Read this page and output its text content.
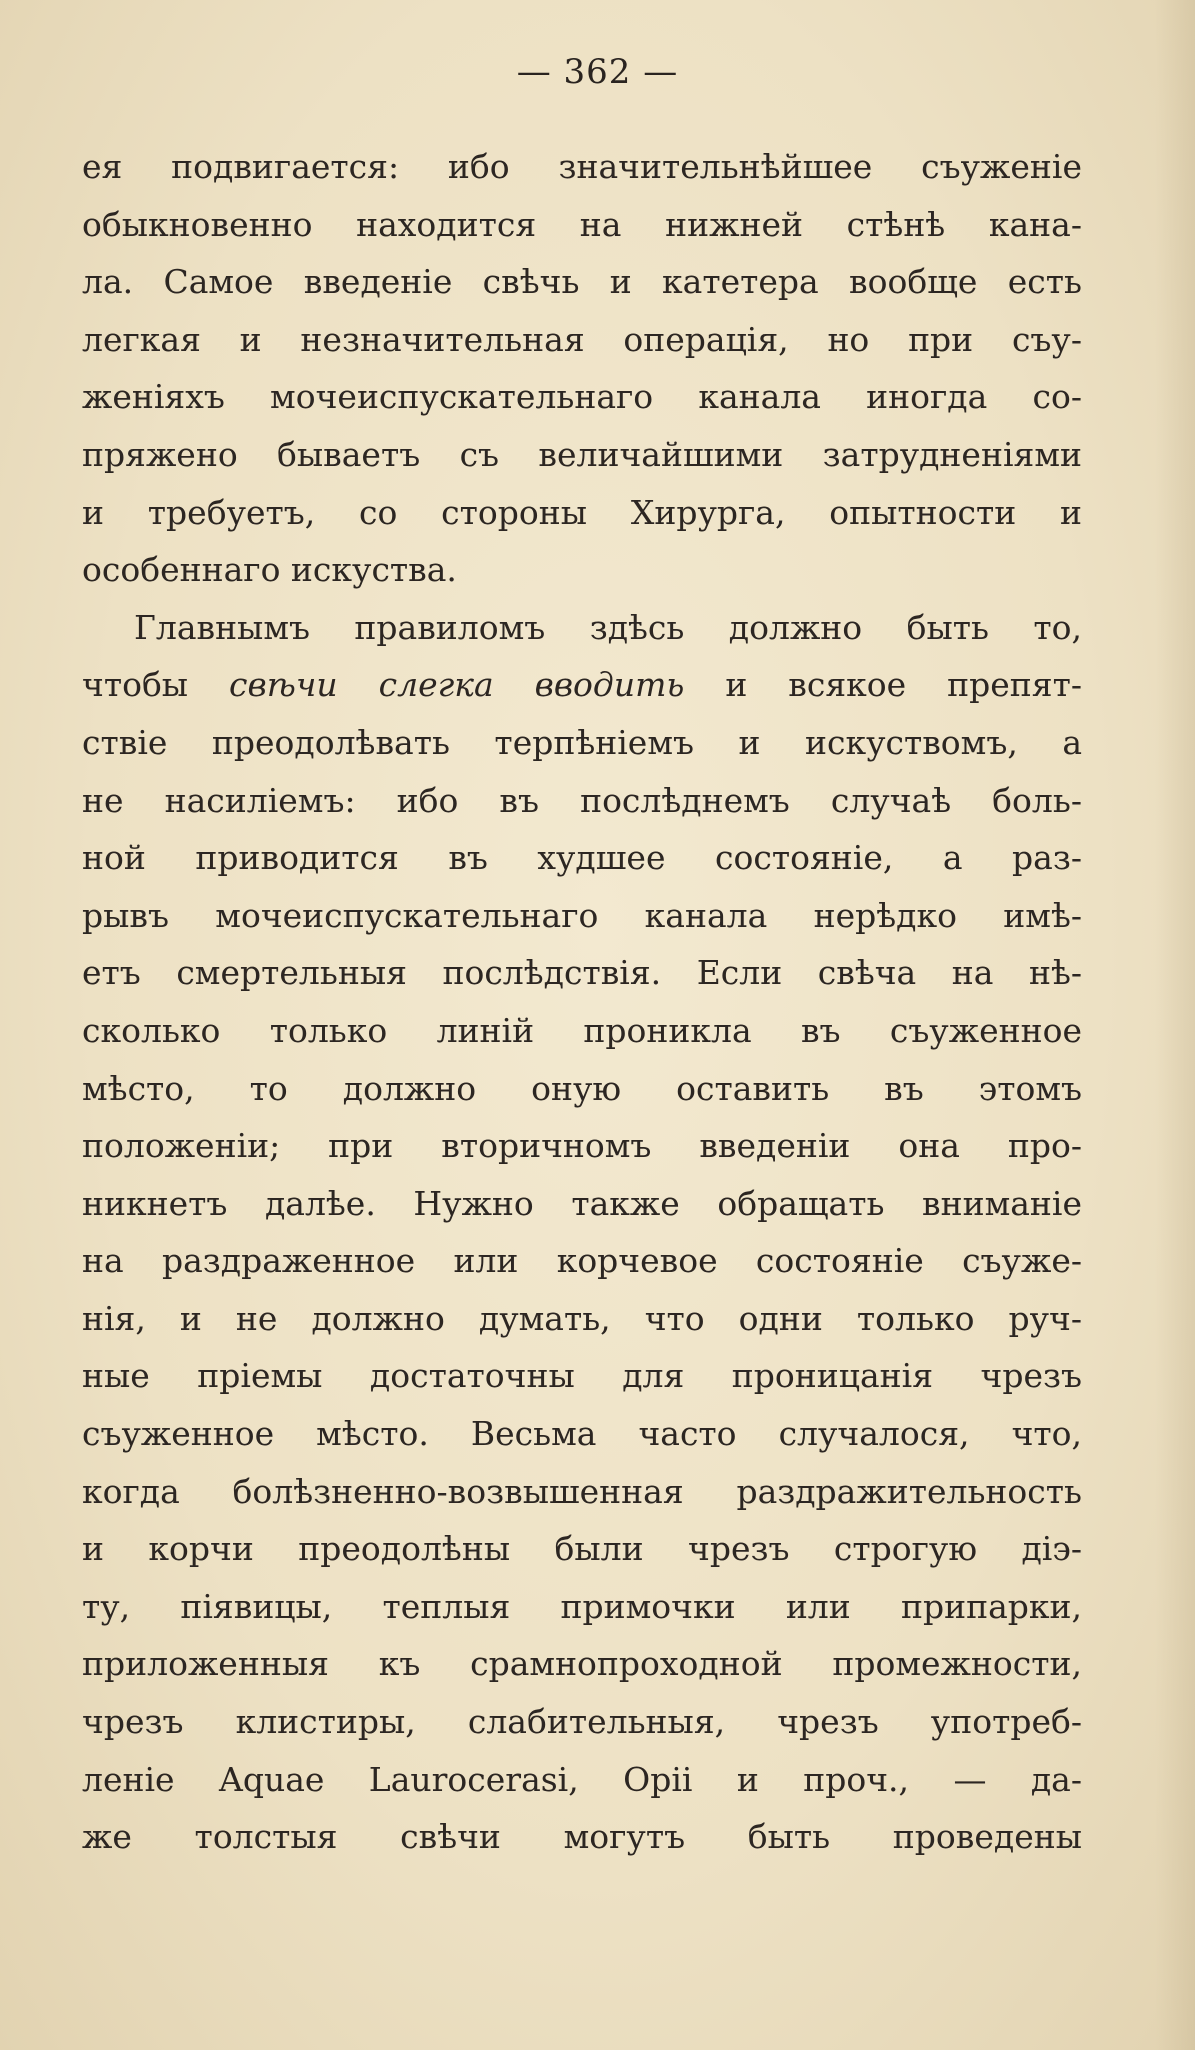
— 362 —
ея подвигается: ибо значительнѣйшее съуженіе
обыкновенно находится на нижней стѣнѣ кана-
ла. Самое введеніе свѣчь и катетера вообще есть
легкая и незначительная операція, но при съу-
женіяхъ мочеиспускательнаго канала иногда со-
пряжено бываетъ съ величайшими затрудненіями
и требуетъ, со стороны Хирурга, опытности и
особеннаго искуства.
Главнымъ правиломъ здѣсь должно быть то,
чтобы свѣчи слегка вводить и всякое препят-
ствіе преодолѣвать терпѣніемъ и искуствомъ, а
не насиліемъ: ибо въ послѣднемъ случаѣ боль-
ной приводится въ худшее состояніе, а раз-
рывъ мочеиспускательнаго канала нерѣдко имѣ-
етъ смертельныя послѣдствія. Если свѣча на нѣ-
сколько только линій проникла въ съуженное
мѣсто, то должно оную оставить въ этомъ
положеніи; при вторичномъ введеніи она про-
никнетъ далѣе. Нужно также обращать вниманіе
на раздраженное или корчевое состояніе съуже-
нія, и не должно думать, что одни только руч-
ные пріемы достаточны для проницанія чрезъ
съуженное мѣсто. Весьма часто случалося, что,
когда болѣзненно-возвышенная раздражительность
и корчи преодолѣны были чрезъ строгую діэ-
ту, піявицы, теплыя примочки или припарки,
приложенныя къ срамнопроходной промежности,
чрезъ клистиры, слабительныя, чрезъ употреб-
леніе Aquae Laurocerasi, Opii и проч., — да-
же толстыя свѣчи могутъ быть проведены
